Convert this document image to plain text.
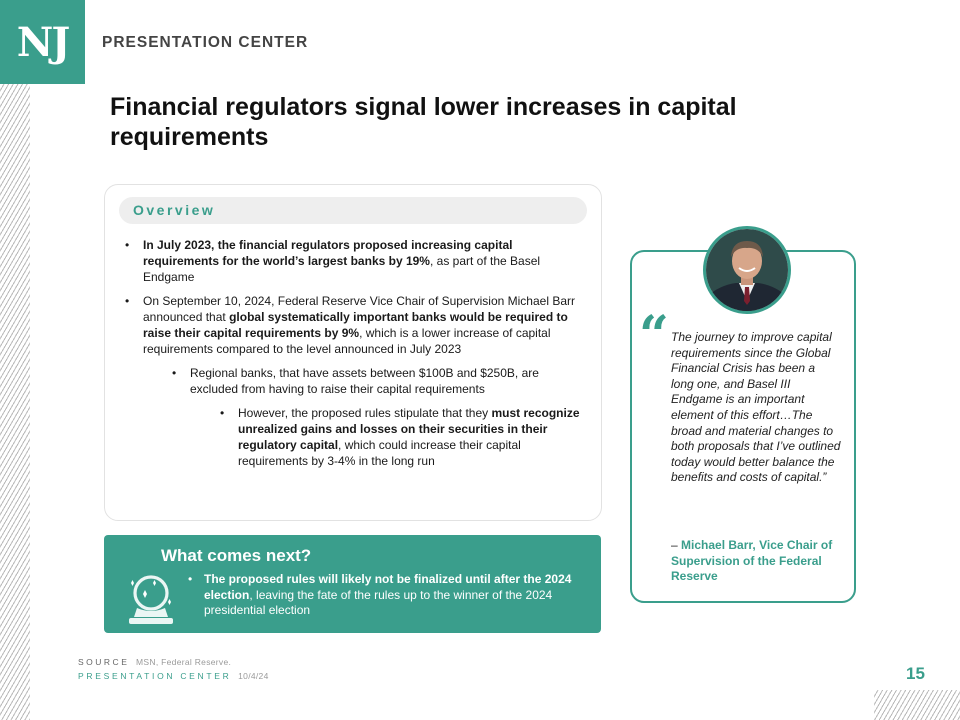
NJ PRESENTATION CENTER
Financial regulators signal lower increases in capital requirements
Overview
• In July 2023, the financial regulators proposed increasing capital requirements for the world’s largest banks by 19%, as part of the Basel Endgame
• On September 10, 2024, Federal Reserve Vice Chair of Supervision Michael Barr announced that global systematically important banks would be required to raise their capital requirements by 9%, which is a lower increase of capital requirements compared to the level announced in July 2023
• Regional banks, that have assets between $100B and $250B, are excluded from having to raise their capital requirements
• However, the proposed rules stipulate that they must recognize unrealized gains and losses on their securities in their regulatory capital, which could increase their capital requirements by 3-4% in the long run
What comes next?
• The proposed rules will likely not be finalized until after the 2024 election, leaving the fate of the rules up to the winner of the 2024 presidential election
“ The journey to improve capital requirements since the Global Financial Crisis has been a long one, and Basel III Endgame is an important element of this effort…The broad and material changes to both proposals that I’ve outlined today would better balance the benefits and costs of capital.”
– Michael Barr, Vice Chair of Supervision of the Federal Reserve
SOURCE MSN, Federal Reserve.
PRESENTATION CENTER 10/4/24	15
